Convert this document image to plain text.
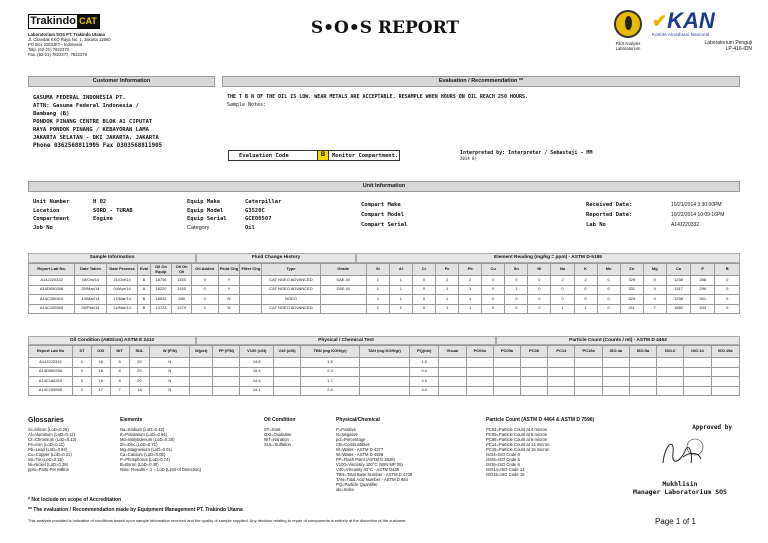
Trakindo CAT
Laboratorium SOS PT. Trakindo Utama
Jl. Cilandak KKO Raya No. 1, Jakarta 12560
PO Box 2283JKT - Indonesia
Telp. (62-21) 7822373
Fax. (62-21) 7822377, 7822379
S•O•S REPORT
Pilot Analysis Laboratorium
✔ KAN
Komite Akreditasi Nasional
Laboratorium Penguji
LP-416-IDN
Customer Information	Evaluation / Recommendation **
GASUMA FEDERAL INDONESIA PT.
ATTN: Gasuma Federal Indonesia /
Bambang (B)
PONDOK PINANG CENTRE BLOK A1 CIPUTAT
RAYA PONDOK PINANG / KEBAYORAN LAMA
JAKARTA SELATAN - DKI JAKARTA, JAKARTA
Phone 0362568811905 Fax 0303568811905
THE T B N OF THE OIL IS LOW. WEAR METALS ARE ACCEPTABLE. RESAMPLE WHEN HOURS ON OIL REACH 250 HOURS.
Sample Notes:
Evaluation Code	B	Monitor Compartment.	Interpreted by: Interpreter / Sebastaji - MM
2014 8)
Unit Information
Unit Number	H 02
Location	SORD - TURAB
Compartment	Engine
Job No
Equip Make	Caterpillar
Equip Model	G3520C
Equip Serial	GCE00507
Category	Oil
Compart Make
Compart Model
Compart Serial
Received Date:	10/21/2014 3:30:00PM
Reported Date:	10/22/2014 10:09:16PM
Lab No	A14J220332
Sample Information	Fluid Change History	Element Reading (mg/kg = ppm) - ASTM D-5185
Report Lab No.	Date Taken	Date Process	Eval	Oil On Equip	Oil On Oil	Oil Added	Fluid Chg	Filter Chg	Type	Grade	Si	Al	Cr	Fe	Pb	Cu	Sn	Ni	Na	K	Mo	Zn	Mg	Ca	P	B
A14J220332	18/Oct/14	21/Oct/14	B	18736	1155	0	Y		CAT NGEO ADVANCED	SAE 40	1	1	0	2	2	0	0	0	2	2	0	329	0	1238	288	0
A14D050206	25/Mar/14	04/Apr/14	A	18220	1155	0	Y		CAT NGEO ADVANCED	SAE 40	1	1	0	1	1	0	1	0	0	0	0	331	0	1317	296	0
A14C166310	13/Mar/14	17/Mar/14	B	18032	280	0	N		NGEO		1	1	0	1	1	0	0	0	0	0	0	324	0	1298	301	0
A14C105508	26/Feb/14	11/Mar/14	B	14723	1279	0	N		CAT NGEO ADVANCED		1	1	0	1	1	0	0	0	1	1	0	411	7	1680	344	0
Oil Condition (ABS/cm) ASTM E 2412	Physical / Chemical Test	Particle Count (Counts / ml) - ASTM D 4464
Report Lab No	ST	OXI	NIT	SUL	W (F/N)	W(pct)	FP (F/N)	V100 (cSt)	V40 (cSt)	TBN (mg KOH/gr)	TAN (mg KOH/gr)	PQ(idx)	Visual	PC04a	PC05a	PC06	PC14	PC15a	ISO.4a	ISO.5a	ISO.6	ISO.14	ISO.15a
A14J220332	0	18	8	20	N			14.6		1.5		1.0											
A14D050206	0	18	8	20	N			15.4		2.3		0.0											
A14C166310	0	18	8	20	N			14.4		1.7		4.0											
A14C105508	0	17	7	18	N			14.1		2.4		4.0											
Glossaries
Si=Silicon (LoD=0.26)
Al=Aluminum (LoD=0.12)
Cr=Chromium (LoD=0.12)
Fe=Iron (LoD=0.11)
Pb=Lead (LoD=0.92)
Cu=Copper (LoD=0.21)
Sn=Tin (LoD=0.25)
Ni=Nickel (LoD=0.39)
ppm=Parts Per Million
Elements
Na=Sodium (LoD=0.42)
K=Potassium (LoD=0.64)
Mo=Molybdenum (LoD=0.20)
Zn=Zinc (LoD=0.71)
Mg=Magnesium (LoD=0.01)
Ca=Calcium (LoD=0.05)
P=Phosphorus (LoD=0.74)
B=Boron (LoD=0.40)
Note: Results < 1 = LoD (Limit of Detection)
Oil Condition
ST=Soot
OXI=Oxidation
NIT=Nitration
SUL=Sulfation
Physical/Chemical
P=Positive
N=Negative
pct=Percentage
CB=Combustibles
W=Water - ASTM D 4377
W=Water - ASTM D 4928
FP=Flash Point (ASTM D 3828)
V100=Viscosity 100°C (WIN MP 05)
V40=Viscosity 40°C - ASTM D445
TBN=Total Base Number - ASTM D 4739
TAN=Total Acid Number - ASTM D 664
PQ=Particle Quantifier
idx=Index
Particle Count (ASTM D 4464 & ASTM D 7596)
PC04=Particle Count at 4 micron
PC05=Particle Count at 5 micron
PC06=Particle Count at 6 micron
PC14=Particle Count at 14 micron
PC15=Particle Count at 15 micron
ISO4=ISO Code 4
ISO5=ISO Code 5
ISO6=ISO Code 6
ISO14=ISO Code 14
ISO15=ISO Code 15
Approved by
Mukhlisin
Manager Laboratorium SOS
* Not Include on scope of Accreditation
** The evaluation / Recommendation made by Equipment Management PT. Trakindo Utama
This analysis provided is indicative of conditions based upon sample information received and the quality of sample supplied. Any decision relating to repair of components is entirely at the discretion of the customer.	Page 1 of 1
